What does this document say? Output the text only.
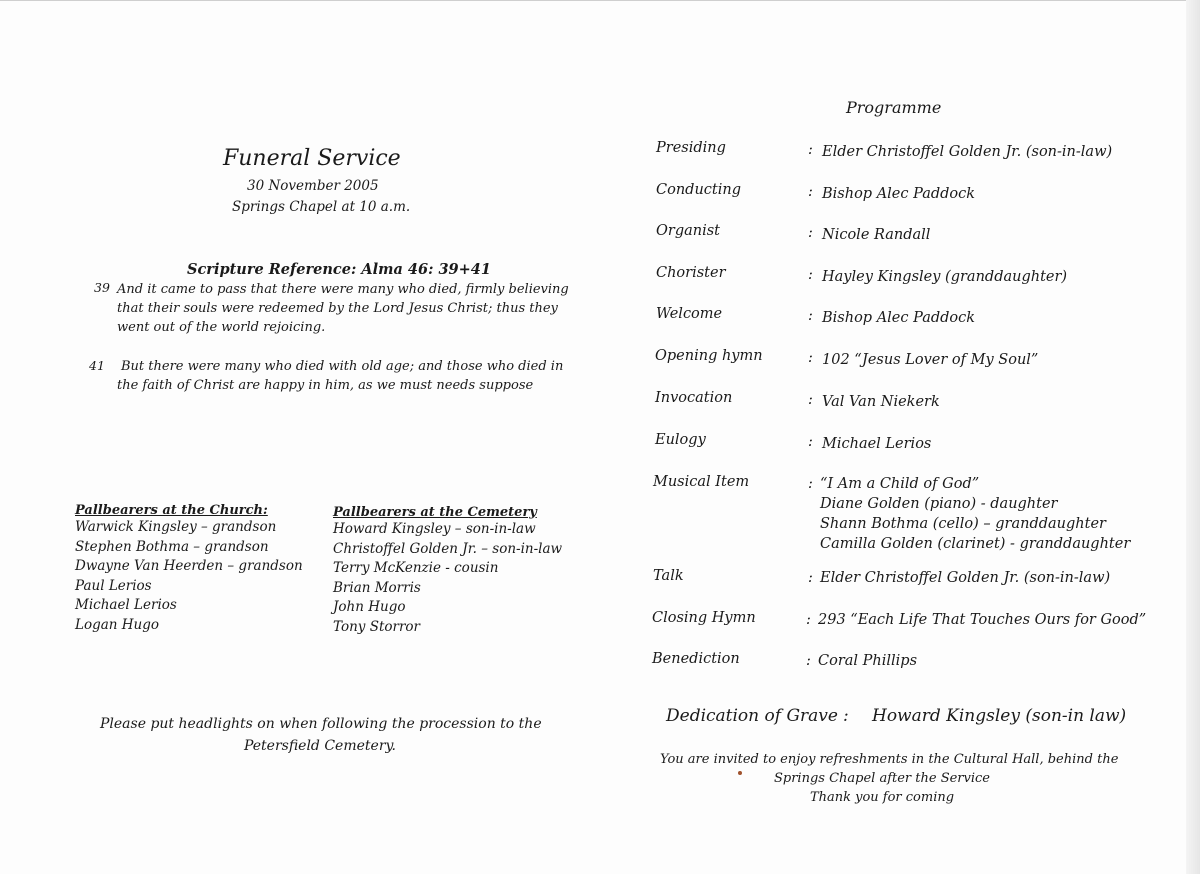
Funeral Service
30 November 2005
Springs Chapel at 10 a.m.
Scripture Reference: Alma 46: 39+41
39 And it came to pass that there were many who died, firmly believing
that their souls were redeemed by the Lord Jesus Christ; thus they
went out of the world rejoicing.
41 But there were many who died with old age; and those who died in
the faith of Christ are happy in him, as we must needs suppose
Pallbearers at the Church:
Warwick Kingsley – grandson
Stephen Bothma – grandson
Dwayne Van Heerden – grandson
Paul Lerios
Michael Lerios
Logan Hugo
Pallbearers at the Cemetery
Howard Kingsley – son-in-law
Christoffel Golden Jr. – son-in-law
Terry McKenzie - cousin
Brian Morris
John Hugo
Tony Storror
Please put headlights on when following the procession to the
Petersfield Cemetery.
Programme
Presiding	: Elder Christoffel Golden Jr. (son-in-law)
Conducting	: Bishop Alec Paddock
Organist	: Nicole Randall
Chorister	: Hayley Kingsley (granddaughter)
Welcome	: Bishop Alec Paddock
Opening hymn	: 102 “Jesus Lover of My Soul”
Invocation	: Val Van Niekerk
Eulogy	: Michael Lerios
Musical Item	: “I Am a Child of God”
Diane Golden (piano) - daughter
Shann Bothma (cello) – granddaughter
Camilla Golden (clarinet) - granddaughter
Talk	: Elder Christoffel Golden Jr. (son-in-law)
Closing Hymn	: 293 “Each Life That Touches Ours for Good”
Benediction	: Coral Phillips
Dedication of Grave : Howard Kingsley (son-in law)
You are invited to enjoy refreshments in the Cultural Hall, behind the
Springs Chapel after the Service
Thank you for coming
